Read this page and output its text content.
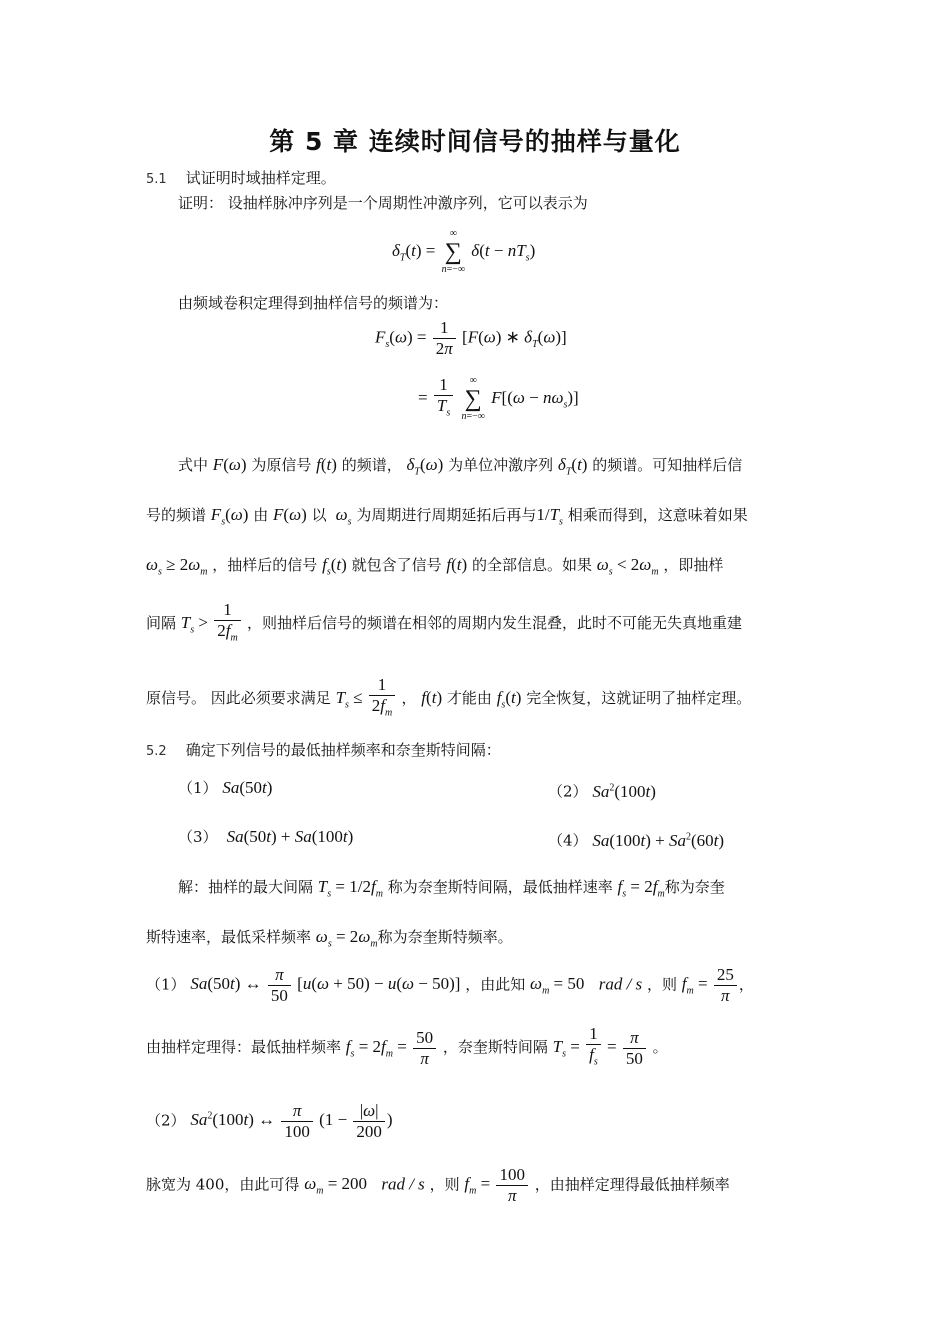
第 5 章 连续时间信号的抽样与量化
5.1 试证明时域抽样定理。
证明： 设抽样脉冲序列是一个周期性冲激序列，它可以表示为
$\delta_T(t)$ =
∞
∑
n=−∞
$\delta(t - nT_s)$
由频域卷积定理得到抽样信号的频谱为：
$F_s(\omega) = \frac{1}{2\pi} [F(\omega)$ ∗ $\delta_T(\omega)$]
= $\frac{1}{T_s}$
	∞
∑
n=−∞
$F[(\omega - n\omega_s)]$
式中 F(ω) 为原信号 f(t) 的频谱， $\delta_T(\omega)$ 为单位冲激序列 $\delta_T(t)$ 的频谱。可知抽样后信
号的频谱 $F_s(\omega)$ 由 F(ω) 以 $\omega_s$ 为周期进行周期延拓后再与$1/T_s$ 相乘而得到，这意味着如果
$\omega_s \ge 2\omega_m$ ，抽样后的信号 $f_s(t)$ 就包含了信号 f(t) 的全部信息。如果 $\omega_s < 2\omega_m$ ，即抽样
间隔 $T_s > \frac{1}{2f_m}$ ，则抽样后信号的频谱在相邻的周期内发生混叠，此时不可能无失真地重建
原信号。 因此必须要求满足 $T_s \le \frac{1}{2f_m}$ ， f(t) 才能由 $f_s(t)$ 完全恢复，这就证明了抽样定理。
5.2 确定下列信号的最低抽样频率和奈奎斯特间隔：
（1） Sa(50t)	（2） Sa$^2$(100t)
（3） Sa(50t) + Sa(100t)	（4） $Sa(100t) + Sa^2(60t)$
解：抽样的最大间隔 $T_s = 1/2f_m$ 称为奈奎斯特间隔，最低抽样速率 $f_s = 2f_m$称为奈奎
斯特速率，最低采样频率 $\omega_s = 2\omega_m$称为奈奎斯特频率。
（1） Sa(50t) ↔ $\frac{\pi}{50} [u(\omega + 50) - u(\omega - 50)]$ ，由此知 $\omega_m = 50$ rad / s ，则 $f_m = \frac{25}{\pi}$ ，
由抽样定理得：最低抽样频率 $f_s = 2f_m = \frac{50}{\pi}$ ，奈奎斯特间隔 $T_s = \frac{1}{f_s} = \frac{\pi}{50}$ 。
（2） Sa$^2$(100t) ↔ $\frac{\pi}{100} (1 - \frac{|\omega|}{200}$ )
脉宽为 400，由此可得 $\omega_m = 200$ rad / s ，则 $f_m = \frac{100}{\pi}$ ，由抽样定理得最低抽样频率
